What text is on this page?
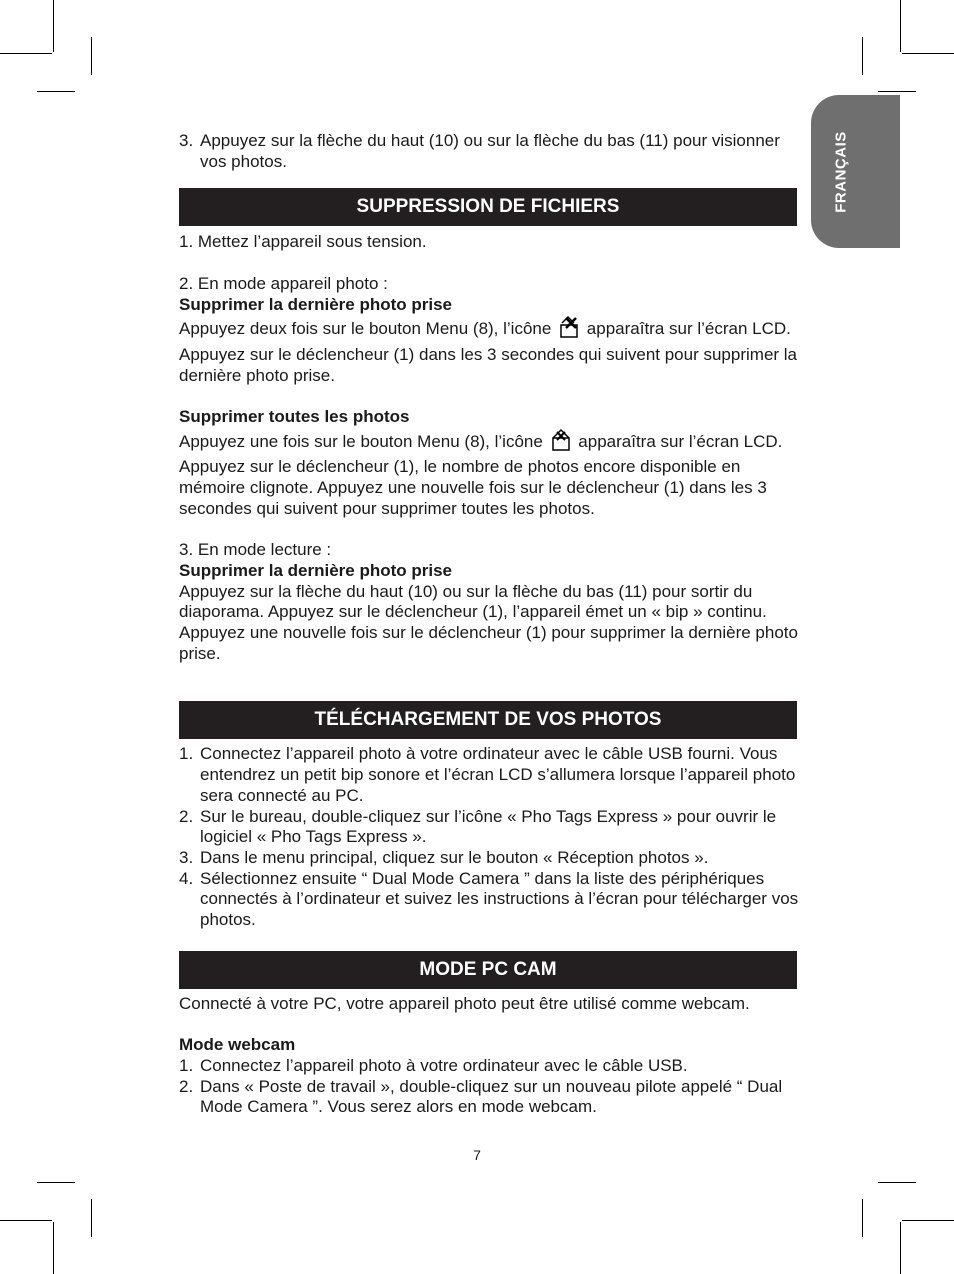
FRANÇAIS
3. Appuyez sur la flèche du haut (10) ou sur la flèche du bas (11) pour visionner vos photos.
SUPPRESSION DE FICHIERS
1. Mettez l’appareil sous tension.
2. En mode appareil photo :
Supprimer la dernière photo prise
Appuyez deux fois sur le bouton Menu (8), l’icône apparaîtra sur l’écran LCD. Appuyez sur le déclencheur (1) dans les 3 secondes qui suivent pour supprimer la dernière photo prise.
Supprimer toutes les photos
Appuyez une fois sur le bouton Menu (8), l’icône apparaîtra sur l’écran LCD. Appuyez sur le déclencheur (1), le nombre de photos encore disponible en mémoire clignote. Appuyez une nouvelle fois sur le déclencheur (1) dans les 3 secondes qui suivent pour supprimer toutes les photos.
3. En mode lecture :
Supprimer la dernière photo prise
Appuyez sur la flèche du haut (10) ou sur la flèche du bas (11) pour sortir du diaporama. Appuyez sur le déclencheur (1), l’appareil émet un « bip » continu. Appuyez une nouvelle fois sur le déclencheur (1) pour supprimer la dernière photo prise.
TÉLÉCHARGEMENT DE VOS PHOTOS
1. Connectez l’appareil photo à votre ordinateur avec le câble USB fourni. Vous entendrez un petit bip sonore et l’écran LCD s’allumera lorsque l’appareil photo sera connecté au PC.
2. Sur le bureau, double-cliquez sur l’icône « Pho Tags Express » pour ouvrir le logiciel « Pho Tags Express ».
3. Dans le menu principal, cliquez sur le bouton « Réception photos ».
4. Sélectionnez ensuite “ Dual Mode Camera ” dans la liste des périphériques connectés à l’ordinateur et suivez les instructions à l’écran pour télécharger vos photos.
MODE PC CAM
Connecté à votre PC, votre appareil photo peut être utilisé comme webcam.
Mode webcam
1. Connectez l’appareil photo à votre ordinateur avec le câble USB.
2. Dans « Poste de travail », double-cliquez sur un nouveau pilote appelé “ Dual Mode Camera ”. Vous serez alors en mode webcam.
7
